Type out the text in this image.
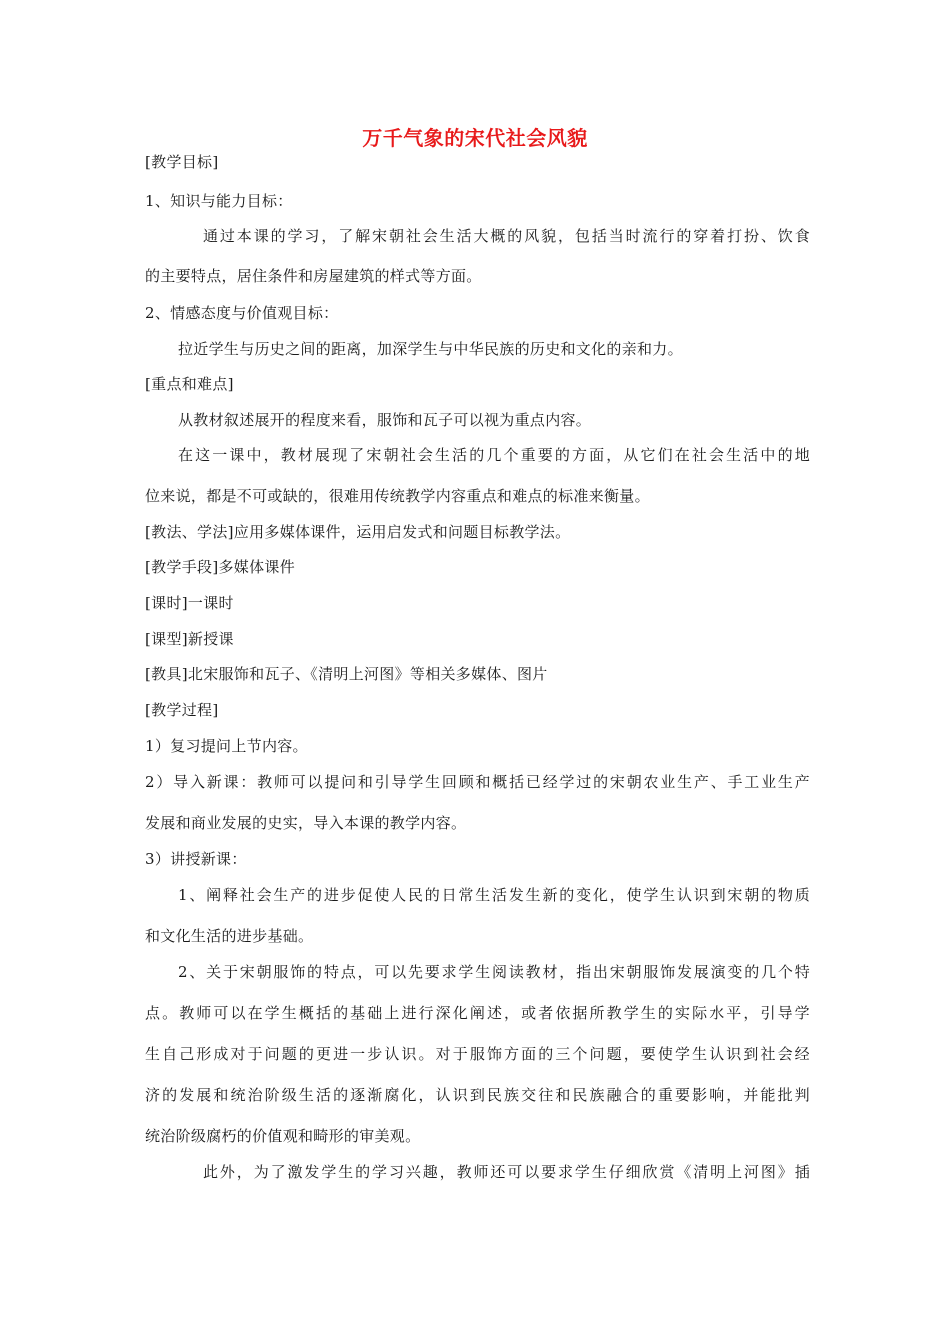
万千气象的宋代社会风貌
[教学目标]
1、知识与能力目标：
通过本课的学习，了解宋朝社会生活大概的风貌，包括当时流行的穿着打扮、饮食
的主要特点，居住条件和房屋建筑的样式等方面。
2、情感态度与价值观目标：
拉近学生与历史之间的距离，加深学生与中华民族的历史和文化的亲和力。
[重点和难点]
从教材叙述展开的程度来看，服饰和瓦子可以视为重点内容。
在这一课中，教材展现了宋朝社会生活的几个重要的方面，从它们在社会生活中的地
位来说，都是不可或缺的，很难用传统教学内容重点和难点的标准来衡量。
[教法、学法]应用多媒体课件，运用启发式和问题目标教学法。
[教学手段]多媒体课件
[课时]一课时
[课型]新授课
[教具]北宋服饰和瓦子、《清明上河图》等相关多媒体、图片
[教学过程]
1）复习提问上节内容。
2）导入新课：教师可以提问和引导学生回顾和概括已经学过的宋朝农业生产、手工业生产
发展和商业发展的史实，导入本课的教学内容。
3）讲授新课：
1、阐释社会生产的进步促使人民的日常生活发生新的变化，使学生认识到宋朝的物质
和文化生活的进步基础。
2、关于宋朝服饰的特点，可以先要求学生阅读教材，指出宋朝服饰发展演变的几个特
点。教师可以在学生概括的基础上进行深化阐述，或者依据所教学生的实际水平，引导学
生自己形成对于问题的更进一步认识。对于服饰方面的三个问题，要使学生认识到社会经
济的发展和统治阶级生活的逐渐腐化，认识到民族交往和民族融合的重要影响，并能批判
统治阶级腐朽的价值观和畸形的审美观。
此外，为了激发学生的学习兴趣，教师还可以要求学生仔细欣赏《清明上河图》插
